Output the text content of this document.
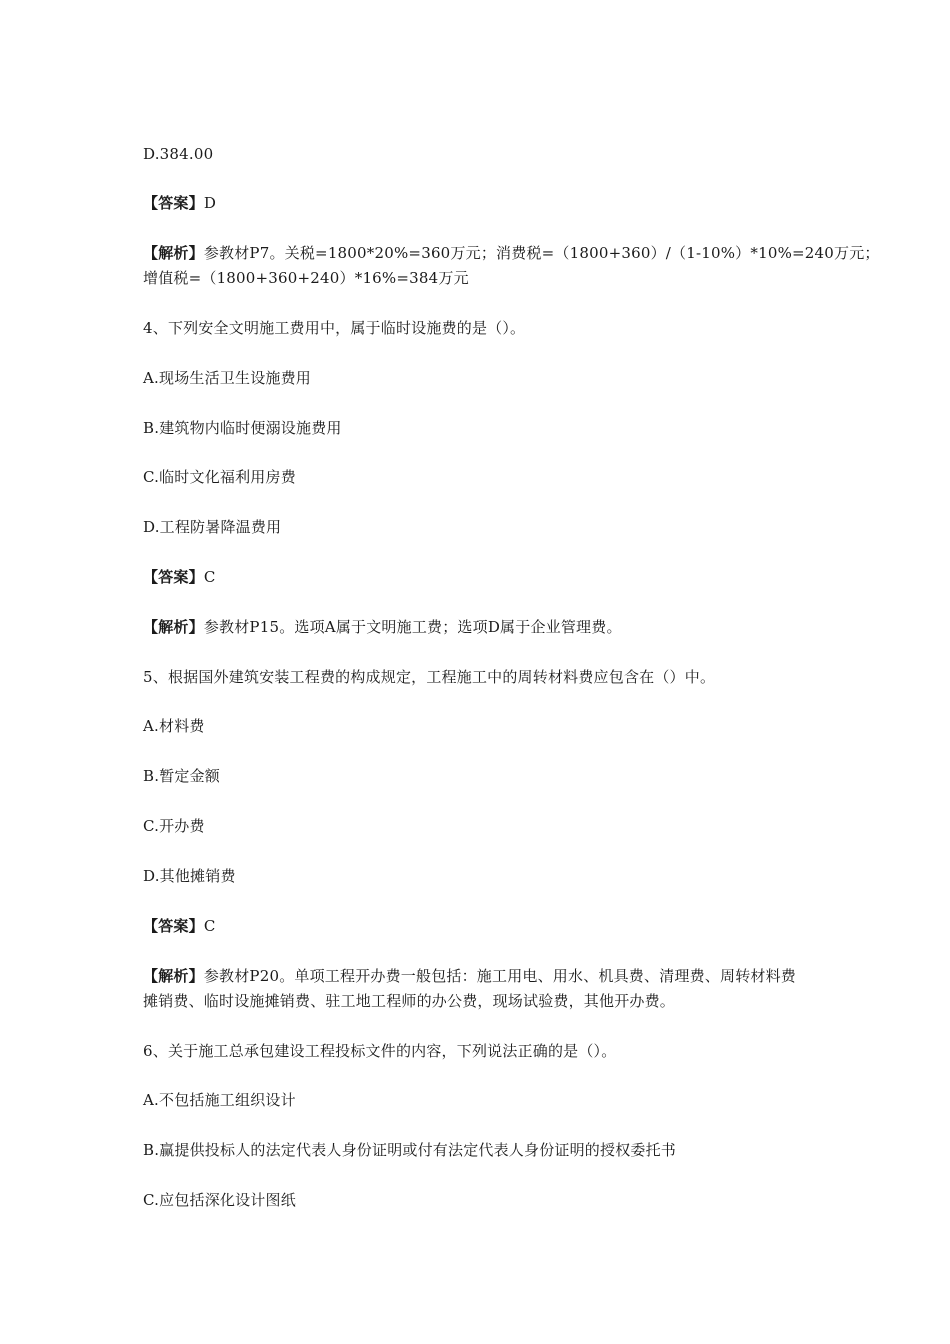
D.384.00
【答案】D
【解析】参教材P7。关税=1800*20%=360万元；消费税=（1800+360）/（1-10%）*10%=240万元；
增值税=（1800+360+240）*16%=384万元
4、下列安全文明施工费用中，属于临时设施费的是（）。
A.现场生活卫生设施费用
B.建筑物内临时便溺设施费用
C.临时文化福利用房费
D.工程防暑降温费用
【答案】C
【解析】参教材P15。选项A属于文明施工费；选项D属于企业管理费。
5、根据国外建筑安装工程费的构成规定，工程施工中的周转材料费应包含在（）中。
A.材料费
B.暂定金额
C.开办费
D.其他摊销费
【答案】C
【解析】参教材P20。单项工程开办费一般包括：施工用电、用水、机具费、清理费、周转材料费
摊销费、临时设施摊销费、驻工地工程师的办公费，现场试验费，其他开办费。
6、关于施工总承包建设工程投标文件的内容，下列说法正确的是（）。
A.不包括施工组织设计
B.赢提供投标人的法定代表人身份证明或付有法定代表人身份证明的授权委托书
C.应包括深化设计图纸
